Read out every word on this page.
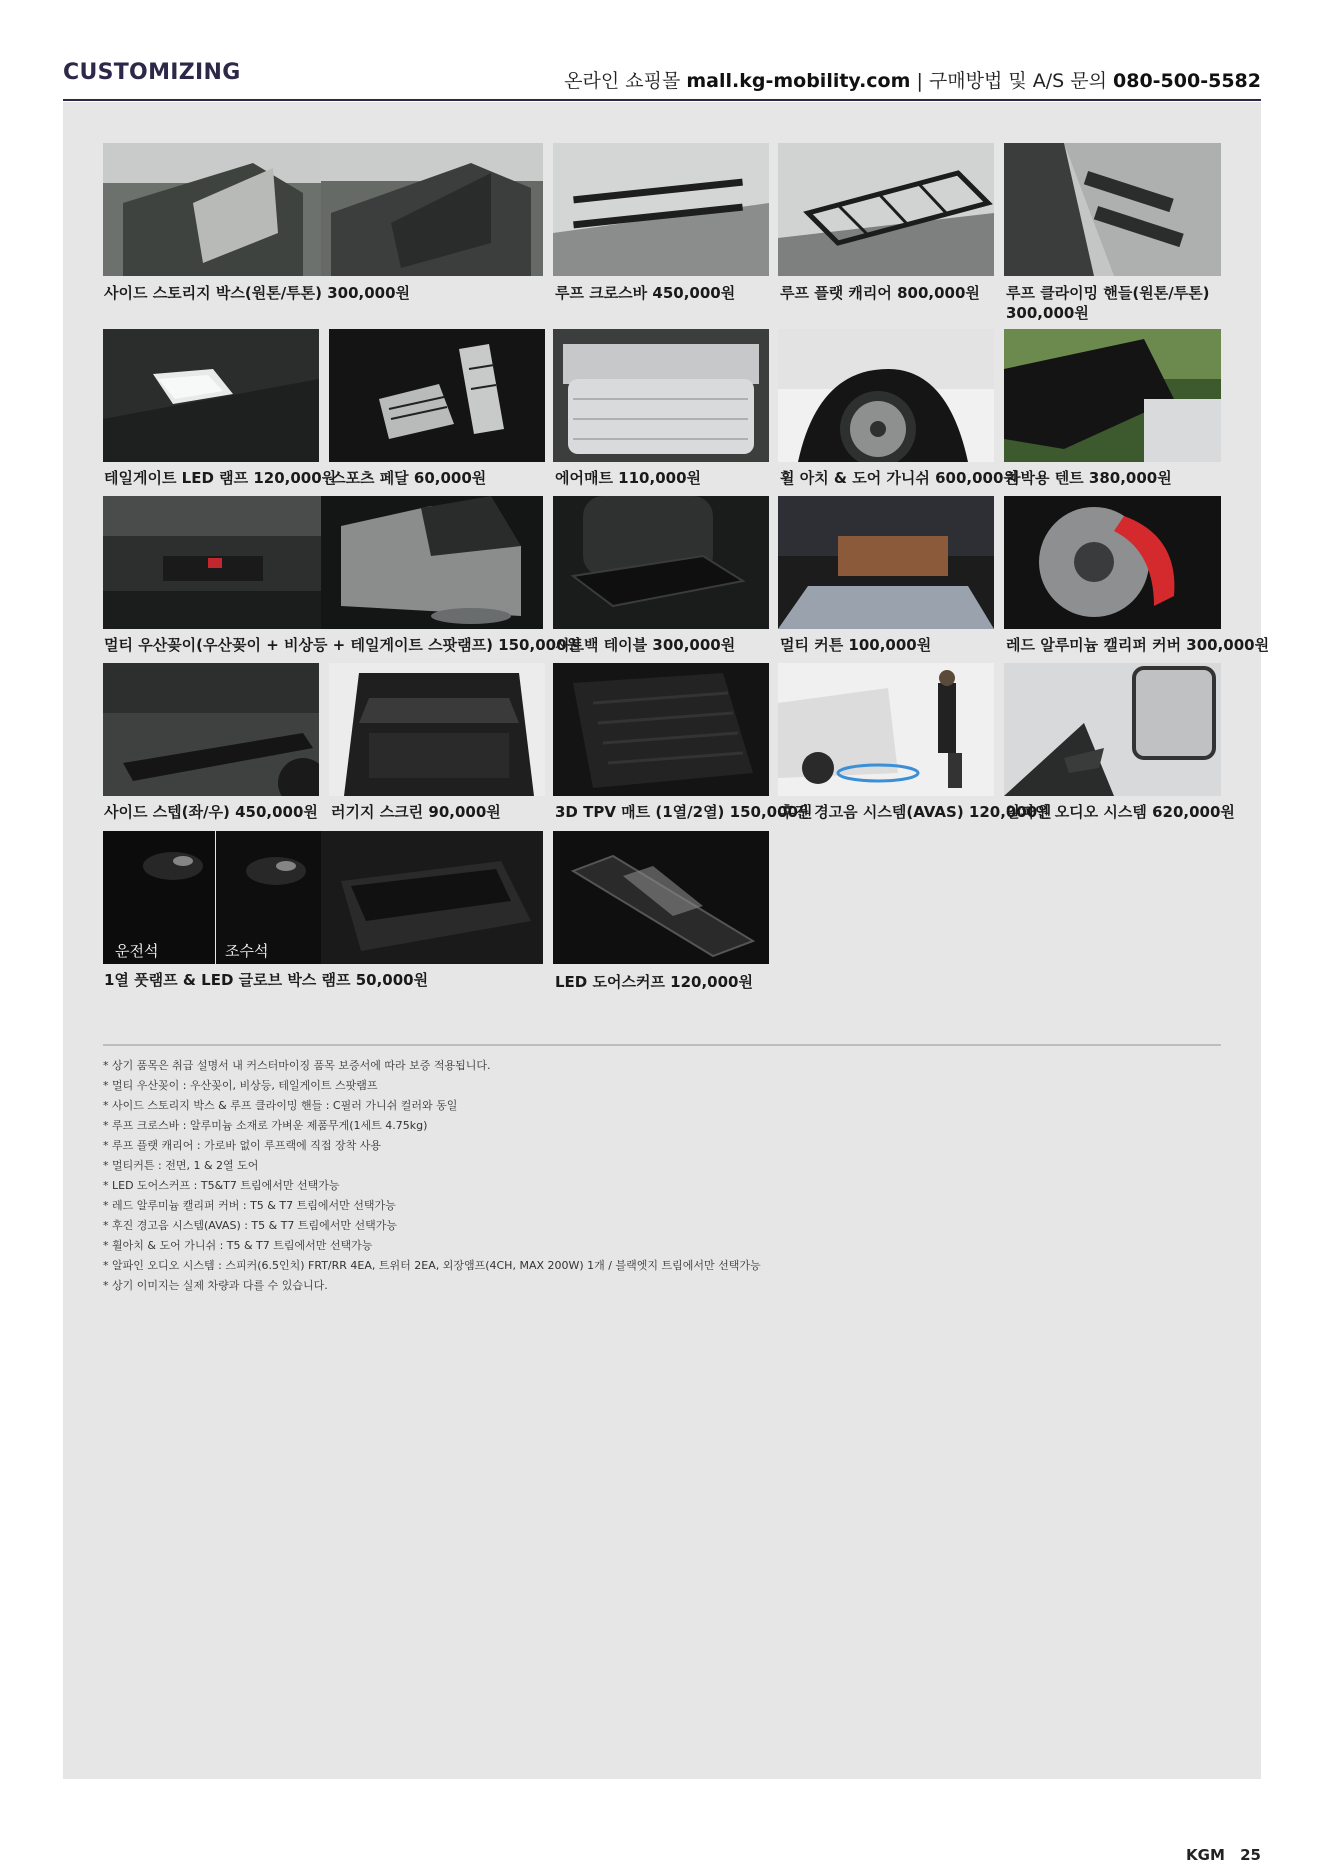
CUSTOMIZING	온라인 쇼핑몰 mall.kg-mobility.com | 구매방법 및 A/S 문의 080-500-5582
사이드 스토리지 박스(원톤/투톤) 300,000원	루프 크로스바 450,000원	루프 플랫 캐리어 800,000원 루프 클라이밍 핸들(원톤/투톤)
300,000원
테일게이트 LED 램프 120,000원
스포츠 페달 60,000원	에어매트 110,000원	휠 아치 & 도어 가니쉬 600,000원
차박용 텐트 380,000원
멀티 우산꽂이(우산꽂이 + 비상등 + 테일게이트 스팟램프) 150,000원
시트백 테이블 300,000원	멀티 커튼 100,000원	레드 알루미늄 캘리퍼 커버 300,000원
사이드 스텝(좌/우) 450,000원 러기지 스크린 90,000원	3D TPV 매트 (1열/2열) 150,000원
후진 경고음 시스템(AVAS) 120,000원
알파인 오디오 시스템 620,000원
운전석	조수석
1열 풋램프 & LED 글로브 박스 램프 50,000원	LED 도어스커프 120,000원
* 상기 품목은 취급 설명서 내 커스터마이징 품목 보증서에 따라 보증 적용됩니다.
* 멀티 우산꽂이 : 우산꽂이, 비상등, 테일게이트 스팟램프
* 사이드 스토리지 박스 & 루프 클라이밍 핸들 : C필러 가니쉬 컬러와 동일
* 루프 크로스바 : 알루미늄 소재로 가벼운 제품무게(1세트 4.75kg)
* 루프 플랫 캐리어 : 가로바 없이 루프랙에 직접 장착 사용
* 멀티커튼 : 전면, 1 & 2열 도어
* LED 도어스커프 : T5&T7 트림에서만 선택가능
* 레드 알루미늄 캘리퍼 커버 : T5 & T7 트림에서만 선택가능
* 후진 경고음 시스템(AVAS) : T5 & T7 트림에서만 선택가능
* 휠아치 & 도어 가니쉬 : T5 & T7 트림에서만 선택가능
* 알파인 오디오 시스템 : 스피커(6.5인치) FRT/RR 4EA, 트위터 2EA, 외장앰프(4CH, MAX 200W) 1개 / 블랙엣지 트림에서만 선택가능
* 상기 이미지는 실제 차량과 다를 수 있습니다.
KGM 25
